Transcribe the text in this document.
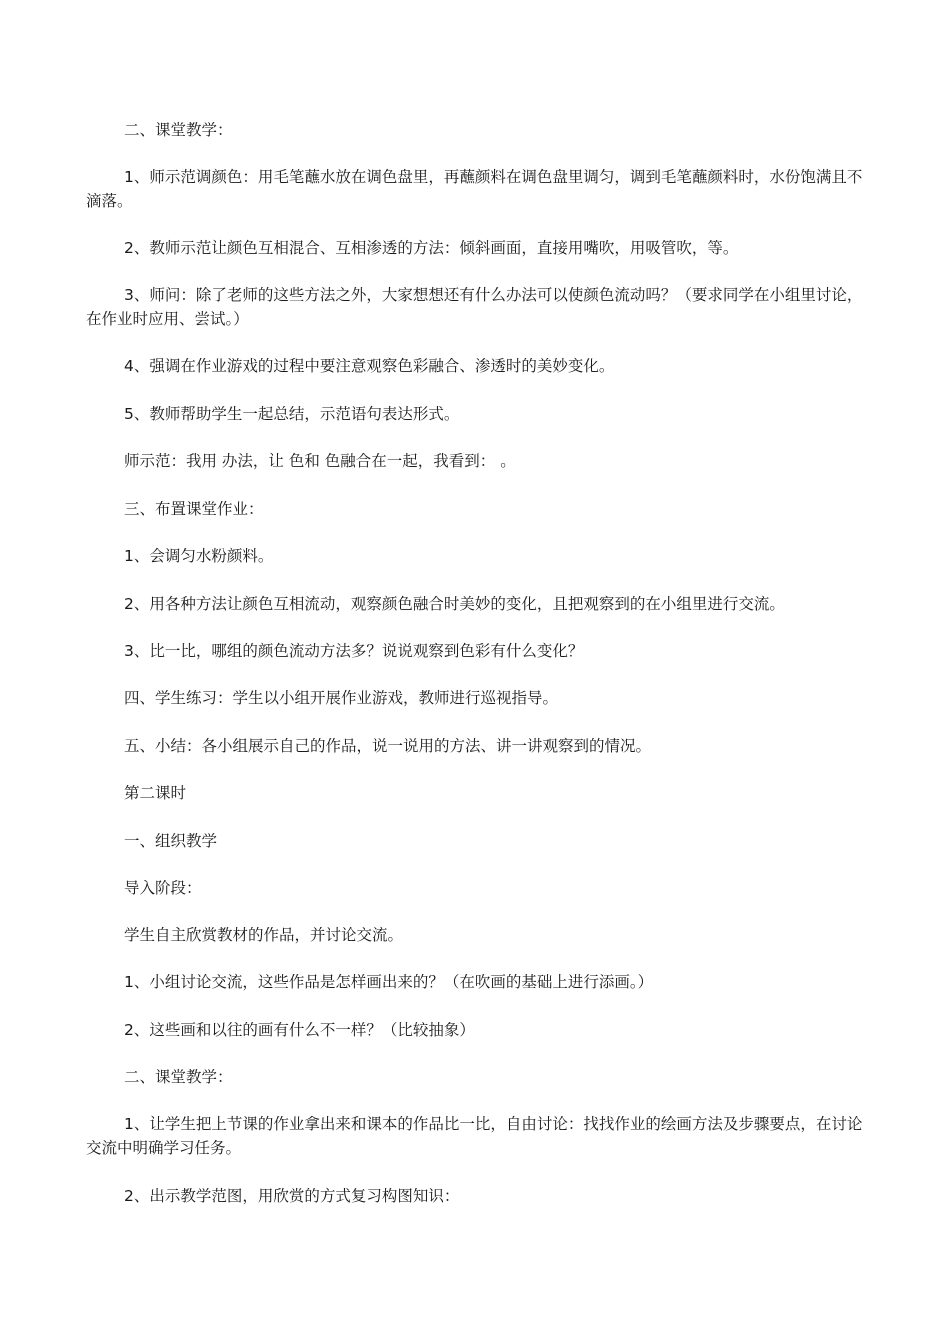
二、课堂教学：

1、师示范调颜色：用毛笔蘸水放在调色盘里，再蘸颜料在调色盘里调匀，调到毛笔蘸颜料时，水份饱满且不滴落。

2、教师示范让颜色互相混合、互相渗透的方法：倾斜画面，直接用嘴吹，用吸管吹，等。

3、师问：除了老师的这些方法之外，大家想想还有什么办法可以使颜色流动吗？（要求同学在小组里讨论，在作业时应用、尝试。）

4、强调在作业游戏的过程中要注意观察色彩融合、渗透时的美妙变化。

5、教师帮助学生一起总结，示范语句表达形式。

师示范：我用 办法，让 色和 色融合在一起，我看到： 。

三、布置课堂作业：

1、会调匀水粉颜料。

2、用各种方法让颜色互相流动，观察颜色融合时美妙的变化，且把观察到的在小组里进行交流。

3、比一比，哪组的颜色流动方法多？说说观察到色彩有什么变化？

四、学生练习：学生以小组开展作业游戏，教师进行巡视指导。

五、小结：各小组展示自己的作品，说一说用的方法、讲一讲观察到的情况。

第二课时

一、组织教学

导入阶段：

学生自主欣赏教材的作品，并讨论交流。

1、小组讨论交流，这些作品是怎样画出来的？（在吹画的基础上进行添画。）

2、这些画和以往的画有什么不一样？（比较抽象）

二、课堂教学：

1、让学生把上节课的作业拿出来和课本的作品比一比，自由讨论：找找作业的绘画方法及步骤要点，在讨论交流中明确学习任务。

2、出示教学范图，用欣赏的方式复习构图知识：
